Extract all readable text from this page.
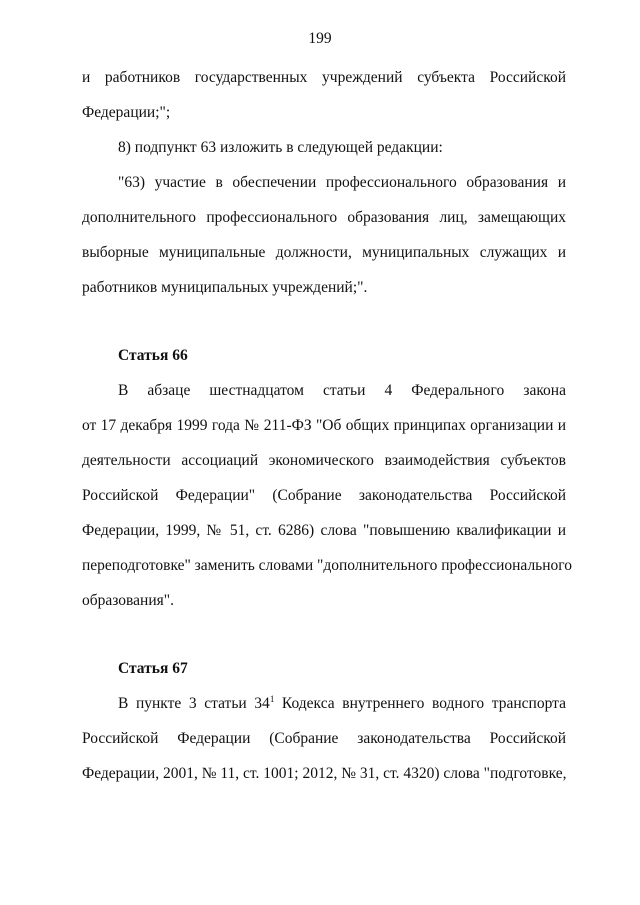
199
и работников государственных учреждений субъекта Российской
Федерации;";
8) подпункт 63 изложить в следующей редакции:
"63) участие в обеспечении профессионального образования и
дополнительного профессионального образования лиц, замещающих
выборные муниципальные должности, муниципальных служащих и
работников муниципальных учреждений;".
Статья 66
В абзаце шестнадцатом статьи 4 Федерального закона
от 17 декабря 1999 года № 211-ФЗ "Об общих принципах организации и
деятельности ассоциаций экономического взаимодействия субъектов
Российской Федерации" (Собрание законодательства Российской
Федерации, 1999, № 51, ст. 6286) слова "повышению квалификации и
переподготовке" заменить словами "дополнительного профессионального
образования".
Статья 67
В пункте 3 статьи $34^1$ Кодекса внутреннего водного транспорта
Российской Федерации (Собрание законодательства Российской
Федерации, 2001, № 11, ст. 1001; 2012, № 31, ст. 4320) слова "подготовке,
